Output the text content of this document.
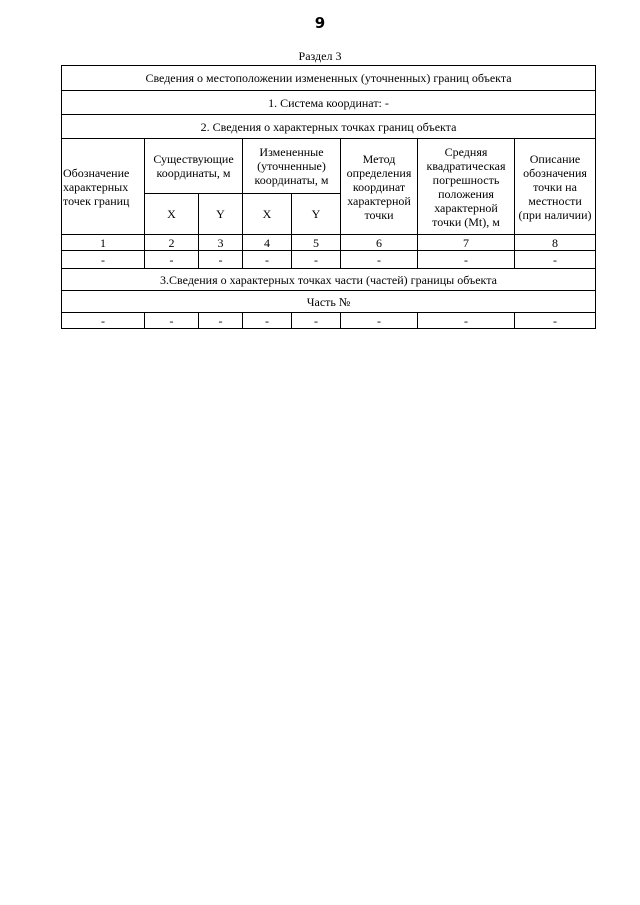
9
Раздел 3
Сведения о местоположении измененных (уточненных) границ объекта							
1. Система координат: -							
2. Сведения о характерных точках границ объекта							
Обозначение характерных точек границ	Существующие координаты, м		Измененные (уточненные) координаты, м		Метод определения координат характерной точки	Средняя квадратическая погрешность положения характерной точки (Mt), м	Описание обозначения точки на местности (при наличии)
	X	Y	X	Y			
1	2	3	4	5	6	7	8
-	-	-	-	-	-	-	-
3.Сведения о характерных точках части (частей) границы объекта							
Часть №							
-	-	-	-	-	-	-	-
